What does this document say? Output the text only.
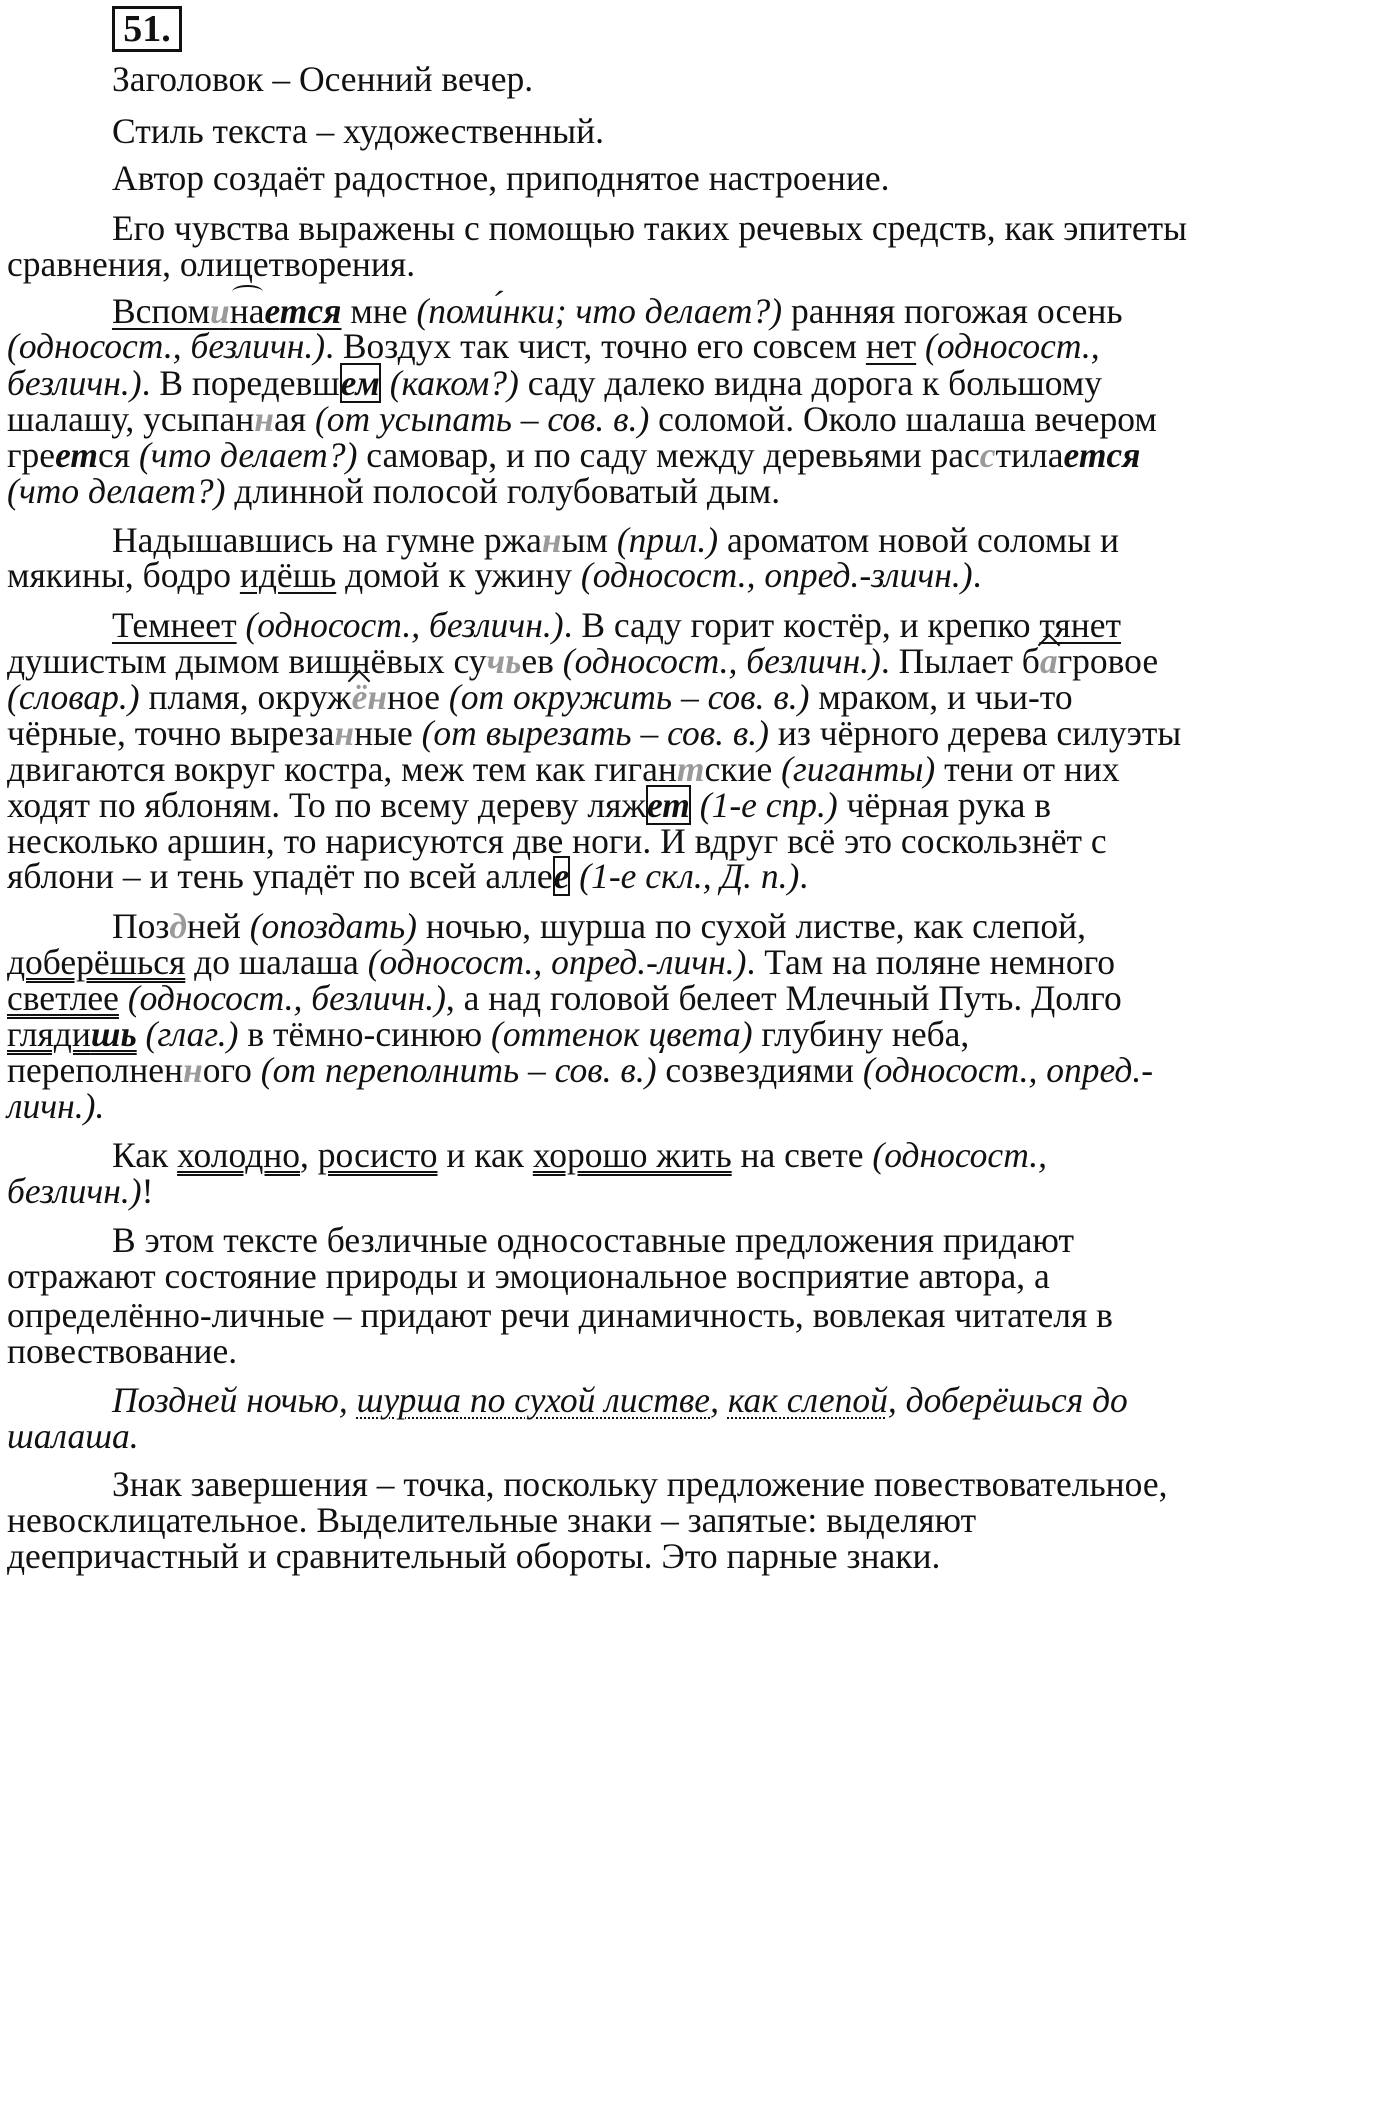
51.

Заголовок – Осенний вечер.

Стиль текста – художественный.

Автор создаёт радостное, приподнятое настроение.

Его чувства выражены с помощью таких речевых средств, как эпитеты

сравнения, олицетворения.

Вспоминается мне (поми́нки; что делает?) ранняя погожая осень

(односост., безличн.). Воздух так чист, точно его совсем нет (односост.,

безличн.). В поредевшем (каком?) саду далеко видна дорога к большому

шалашу, усыпанная (от усыпать – сов. в.) соломой. Около шалаша вечером

греется (что делает?) самовар, и по саду между деревьями расстилается

(что делает?) длинной полосой голубоватый дым.

Надышавшись на гумне ржаным (прил.) ароматом новой соломы и

мякины, бодро идёшь домой к ужину (односост., опред.-зличн.).

Темнеет (односост., безличн.). В саду горит костёр, и крепко тянет

душистым дымом вишнёвых сучьев (односост., безличн.). Пылает багровое

(словар.) пламя, окружённое (от окружить – сов. в.) мраком, и чьи-то

чёрные, точно вырезанные (от вырезать – сов. в.) из чёрного дерева силуэты

двигаются вокруг костра, меж тем как гигантские (гиганты) тени от них

ходят по яблоням. То по всему дереву ляжет (1-е спр.) чёрная рука в

несколько аршин, то нарисуются две ноги. И вдруг всё это соскользнёт с

яблони – и тень упадёт по всей аллее (1-е скл., Д. п.).

Поздней (опоздать) ночью, шурша по сухой листве, как слепой,

доберёшься до шалаша (односост., опред.-личн.). Там на поляне немного

светлее (односост., безличн.), а над головой белеет Млечный Путь. Долго

глядишь (глаг.) в тёмно-синюю (оттенок цвета) глубину неба,

переполненного (от переполнить – сов. в.) созвездиями (односост., опред.-

личн.).

Как холодно, росисто и как хорошо жить на свете (односост.,

безличн.)!

В этом тексте безличные односоставные предложения придают

отражают состояние природы и эмоциональное восприятие автора, а

определённо-личные – придают речи динамичность, вовлекая читателя в

повествование.

Поздней ночью, шурша по сухой листве, как слепой, доберёшься до

шалаша.

Знак завершения – точка, поскольку предложение повествовательное,

невосклицательное. Выделительные знаки – запятые: выделяют

деепричастный и сравнительный обороты. Это парные знаки.
